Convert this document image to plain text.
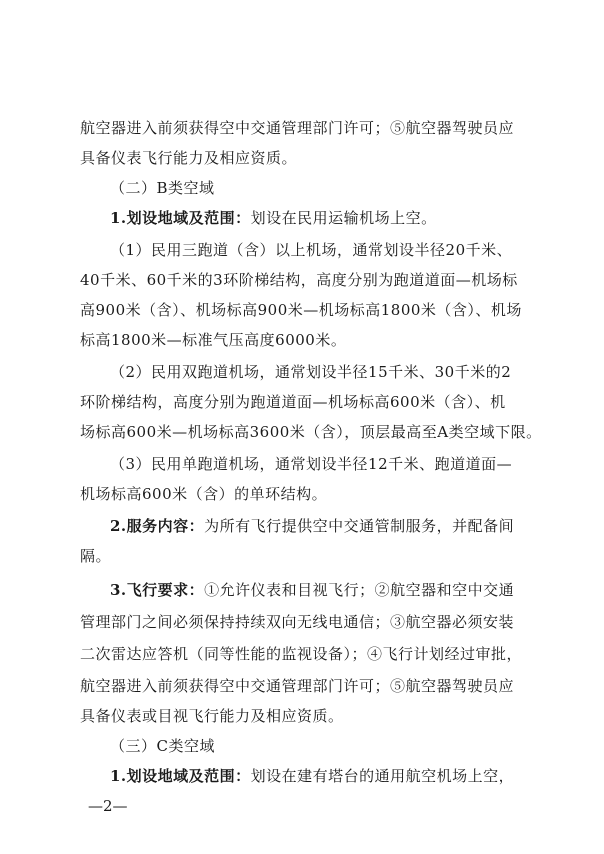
航空器进入前须获得空中交通管理部门许可；⑤航空器驾驶员应
具备仪表飞行能力及相应资质。
（二）B类空域
1.划设地域及范围：划设在民用运输机场上空。
（1）民用三跑道（含）以上机场，通常划设半径20千米、
40千米、60千米的3环阶梯结构，高度分别为跑道道面—机场标
高900米（含）、机场标高900米—机场标高1800米（含）、机场
标高1800米—标准气压高度6000米。
（2）民用双跑道机场，通常划设半径15千米、30千米的2
环阶梯结构，高度分别为跑道道面—机场标高600米（含）、机
场标高600米—机场标高3600米（含），顶层最高至A类空域下限。
（3）民用单跑道机场，通常划设半径12千米、跑道道面—
机场标高600米（含）的单环结构。
2.服务内容：为所有飞行提供空中交通管制服务，并配备间
隔。
3.飞行要求：①允许仪表和目视飞行；②航空器和空中交通
管理部门之间必须保持持续双向无线电通信；③航空器必须安装
二次雷达应答机（同等性能的监视设备）；④飞行计划经过审批，
航空器进入前须获得空中交通管理部门许可；⑤航空器驾驶员应
具备仪表或目视飞行能力及相应资质。
（三）C类空域
1.划设地域及范围：划设在建有塔台的通用航空机场上空，
—2—
